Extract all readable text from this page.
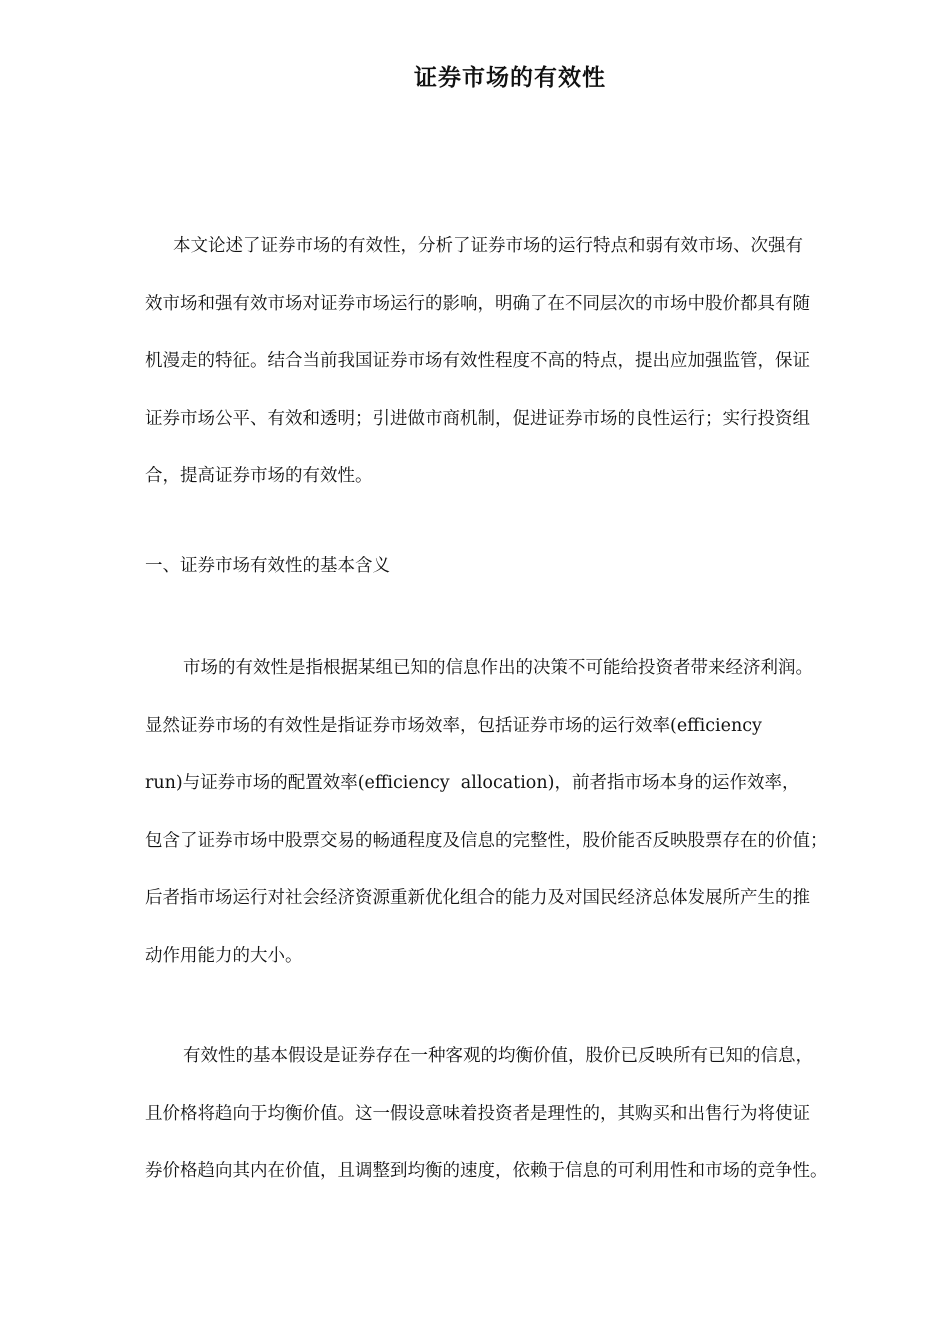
证券市场的有效性
本文论述了证券市场的有效性，分析了证券市场的运行特点和弱有效市场、次强有
效市场和强有效市场对证券市场运行的影响，明确了在不同层次的市场中股价都具有随
机漫走的特征。结合当前我国证券市场有效性程度不高的特点，提出应加强监管，保证
证券市场公平、有效和透明；引进做市商机制，促进证券市场的良性运行；实行投资组
合，提高证券市场的有效性。
一、证券市场有效性的基本含义
市场的有效性是指根据某组已知的信息作出的决策不可能给投资者带来经济利润。
显然证券市场的有效性是指证券市场效率，包括证券市场的运行效率(efficiency
run)与证券市场的配置效率(efficiency  allocation)，前者指市场本身的运作效率，
包含了证券市场中股票交易的畅通程度及信息的完整性，股价能否反映股票存在的价值；
后者指市场运行对社会经济资源重新优化组合的能力及对国民经济总体发展所产生的推
动作用能力的大小。
有效性的基本假设是证券存在一种客观的均衡价值，股价已反映所有已知的信息，
且价格将趋向于均衡价值。这一假设意味着投资者是理性的，其购买和出售行为将使证
券价格趋向其内在价值，且调整到均衡的速度，依赖于信息的可利用性和市场的竞争性。
